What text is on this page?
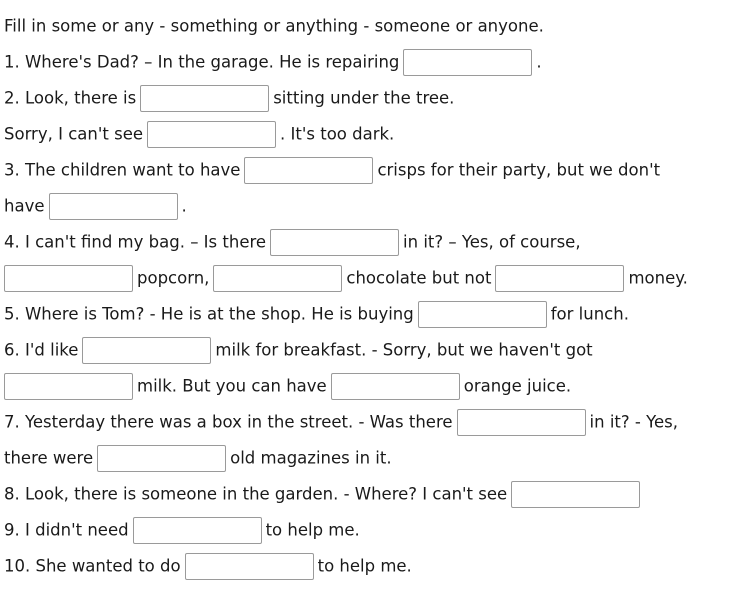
Fill in some or any - something or anything - someone or anyone.
1. Where's Dad? – In the garage. He is repairing	.
2. Look, there is	sitting under the tree.
Sorry, I can't see	. It's too dark.
3. The children want to have	crisps for their party, but we don't
have	.
4. I can't find my bag. – Is there	in it? – Yes, of course,
popcorn,	chocolate but not	money.
5. Where is Tom? - He is at the shop. He is buying	for lunch.
6. I'd like	milk for breakfast. - Sorry, but we haven't got
milk. But you can have	orange juice.
7. Yesterday there was a box in the street. - Was there	in it? - Yes,
there were	old magazines in it.
8. Look, there is someone in the garden. - Where? I can't see
9. I didn't need	to help me.
10. She wanted to do	to help me.
